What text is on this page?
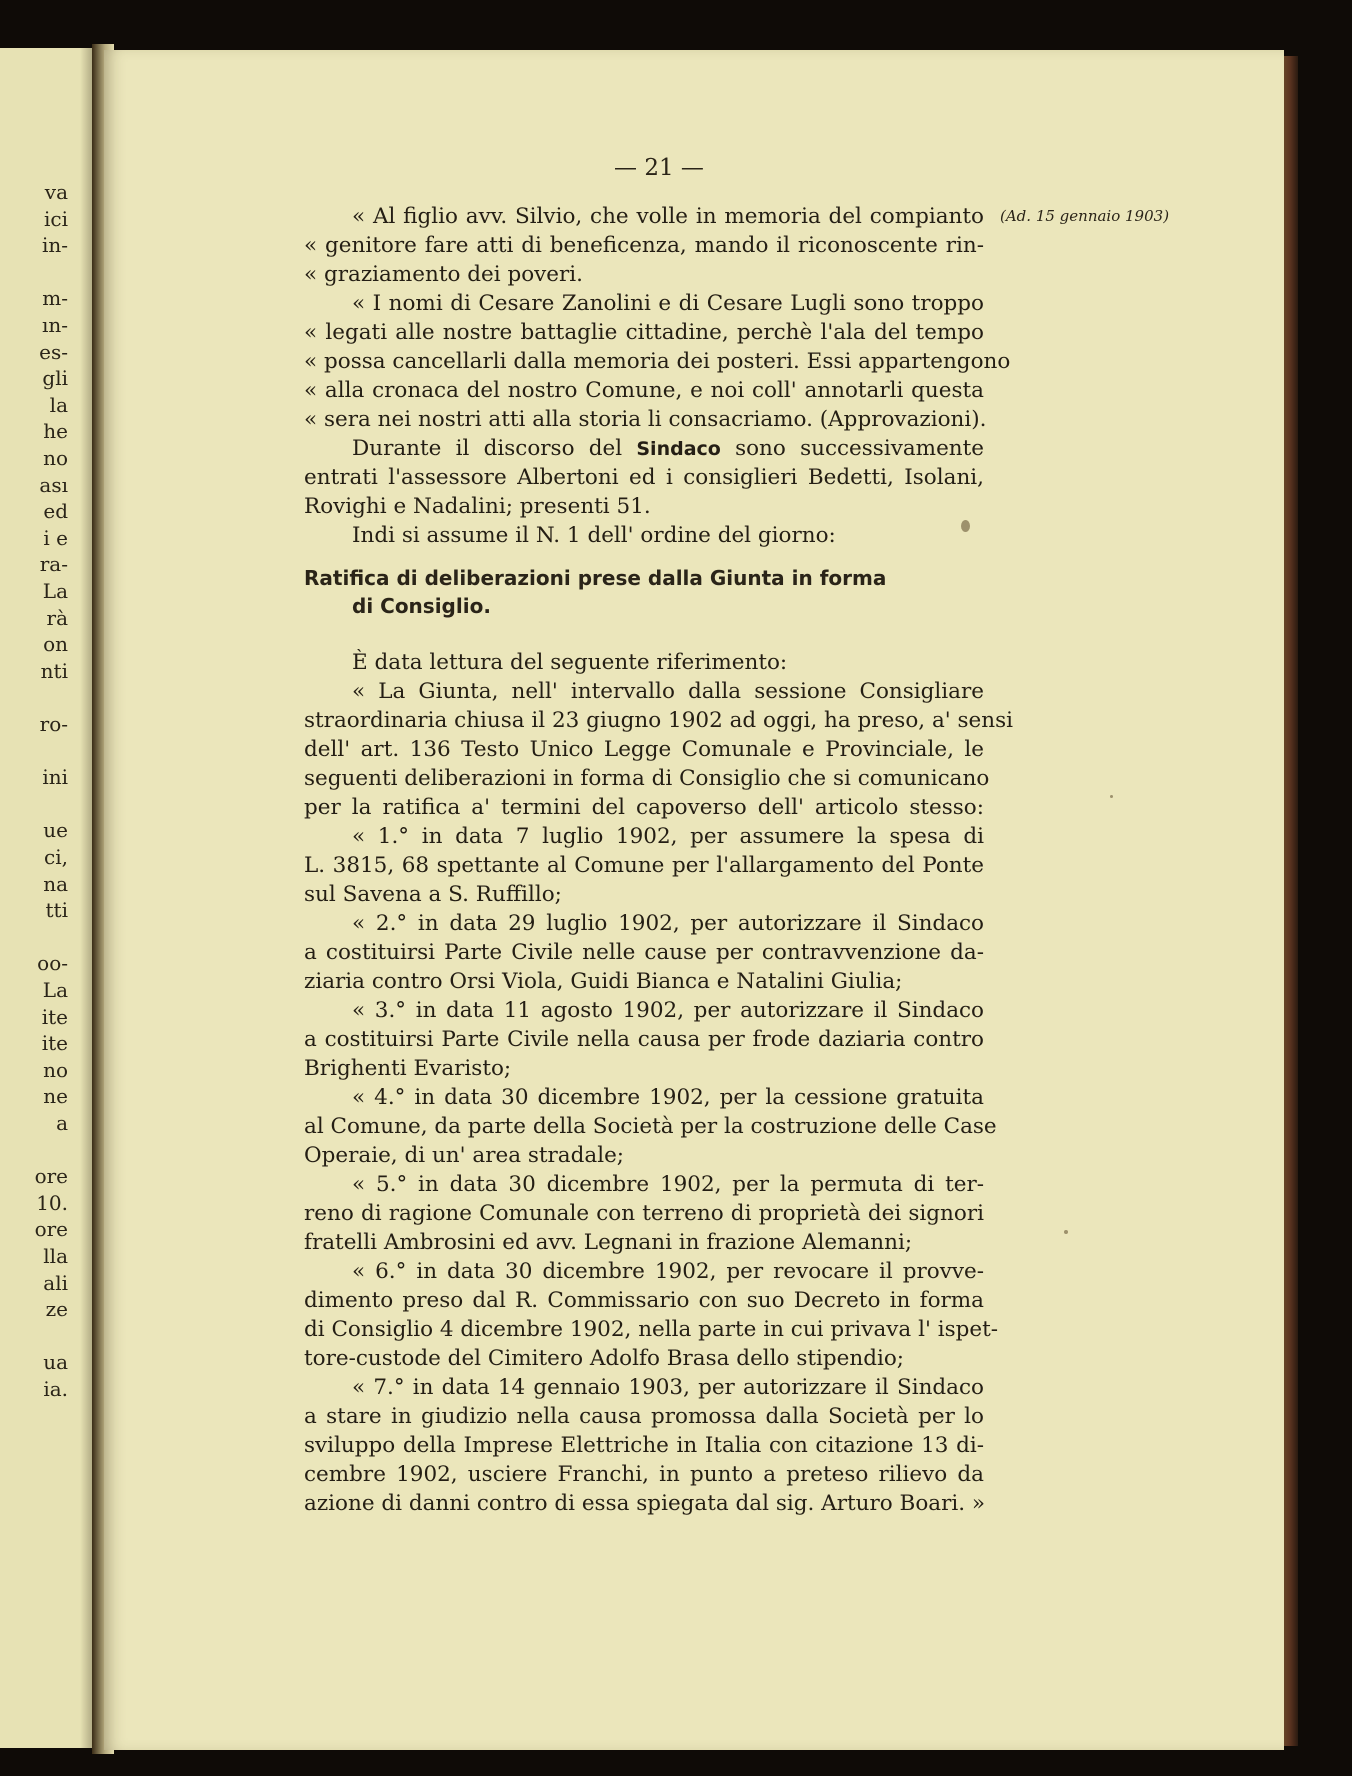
va
ici
in-
m-
ın-
es-
gli
la
he
no
ası
ed
i e
ra-
La
rà
on
nti
ro-
ini
ue
ci,
na
tti
oo-
La
ite
ite
no
ne
a
ore
10.
ore
lla
ali
ze
ua
ia.
— 21 —
(Ad. 15 gennaio 1903)
« Al figlio avv. Silvio, che volle in memoria del compianto
« genitore fare atti di beneficenza, mando il riconoscente rin-
« graziamento dei poveri.
« I nomi di Cesare Zanolini e di Cesare Lugli sono troppo
« legati alle nostre battaglie cittadine, perchè l'ala del tempo
« possa cancellarli dalla memoria dei posteri. Essi appartengono
« alla cronaca del nostro Comune, e noi coll' annotarli questa
« sera nei nostri atti alla storia li consacriamo. (Approvazioni).
Durante il discorso del Sindaco sono successivamente
entrati l'assessore Albertoni ed i consiglieri Bedetti, Isolani,
Rovighi e Nadalini; presenti 51.
Indi si assume il N. 1 dell' ordine del giorno:
Ratifica di deliberazioni prese dalla Giunta in forma
di Consiglio.
È data lettura del seguente riferimento:
« La Giunta, nell' intervallo dalla sessione Consigliare
straordinaria chiusa il 23 giugno 1902 ad oggi, ha preso, a' sensi
dell' art. 136 Testo Unico Legge Comunale e Provinciale, le
seguenti deliberazioni in forma di Consiglio che si comunicano
per la ratifica a' termini del capoverso dell' articolo stesso:
« 1.° in data 7 luglio 1902, per assumere la spesa di
L. 3815, 68 spettante al Comune per l'allargamento del Ponte
sul Savena a S. Ruffillo;
« 2.° in data 29 luglio 1902, per autorizzare il Sindaco
a costituirsi Parte Civile nelle cause per contravvenzione da-
ziaria contro Orsi Viola, Guidi Bianca e Natalini Giulia;
« 3.° in data 11 agosto 1902, per autorizzare il Sindaco
a costituirsi Parte Civile nella causa per frode daziaria contro
Brighenti Evaristo;
« 4.° in data 30 dicembre 1902, per la cessione gratuita
al Comune, da parte della Società per la costruzione delle Case
Operaie, di un' area stradale;
« 5.° in data 30 dicembre 1902, per la permuta di ter-
reno di ragione Comunale con terreno di proprietà dei signori
fratelli Ambrosini ed avv. Legnani in frazione Alemanni;
« 6.° in data 30 dicembre 1902, per revocare il provve-
dimento preso dal R. Commissario con suo Decreto in forma
di Consiglio 4 dicembre 1902, nella parte in cui privava l' ispet-
tore-custode del Cimitero Adolfo Brasa dello stipendio;
« 7.° in data 14 gennaio 1903, per autorizzare il Sindaco
a stare in giudizio nella causa promossa dalla Società per lo
sviluppo della Imprese Elettriche in Italia con citazione 13 di-
cembre 1902, usciere Franchi, in punto a preteso rilievo da
azione di danni contro di essa spiegata dal sig. Arturo Boari. »
